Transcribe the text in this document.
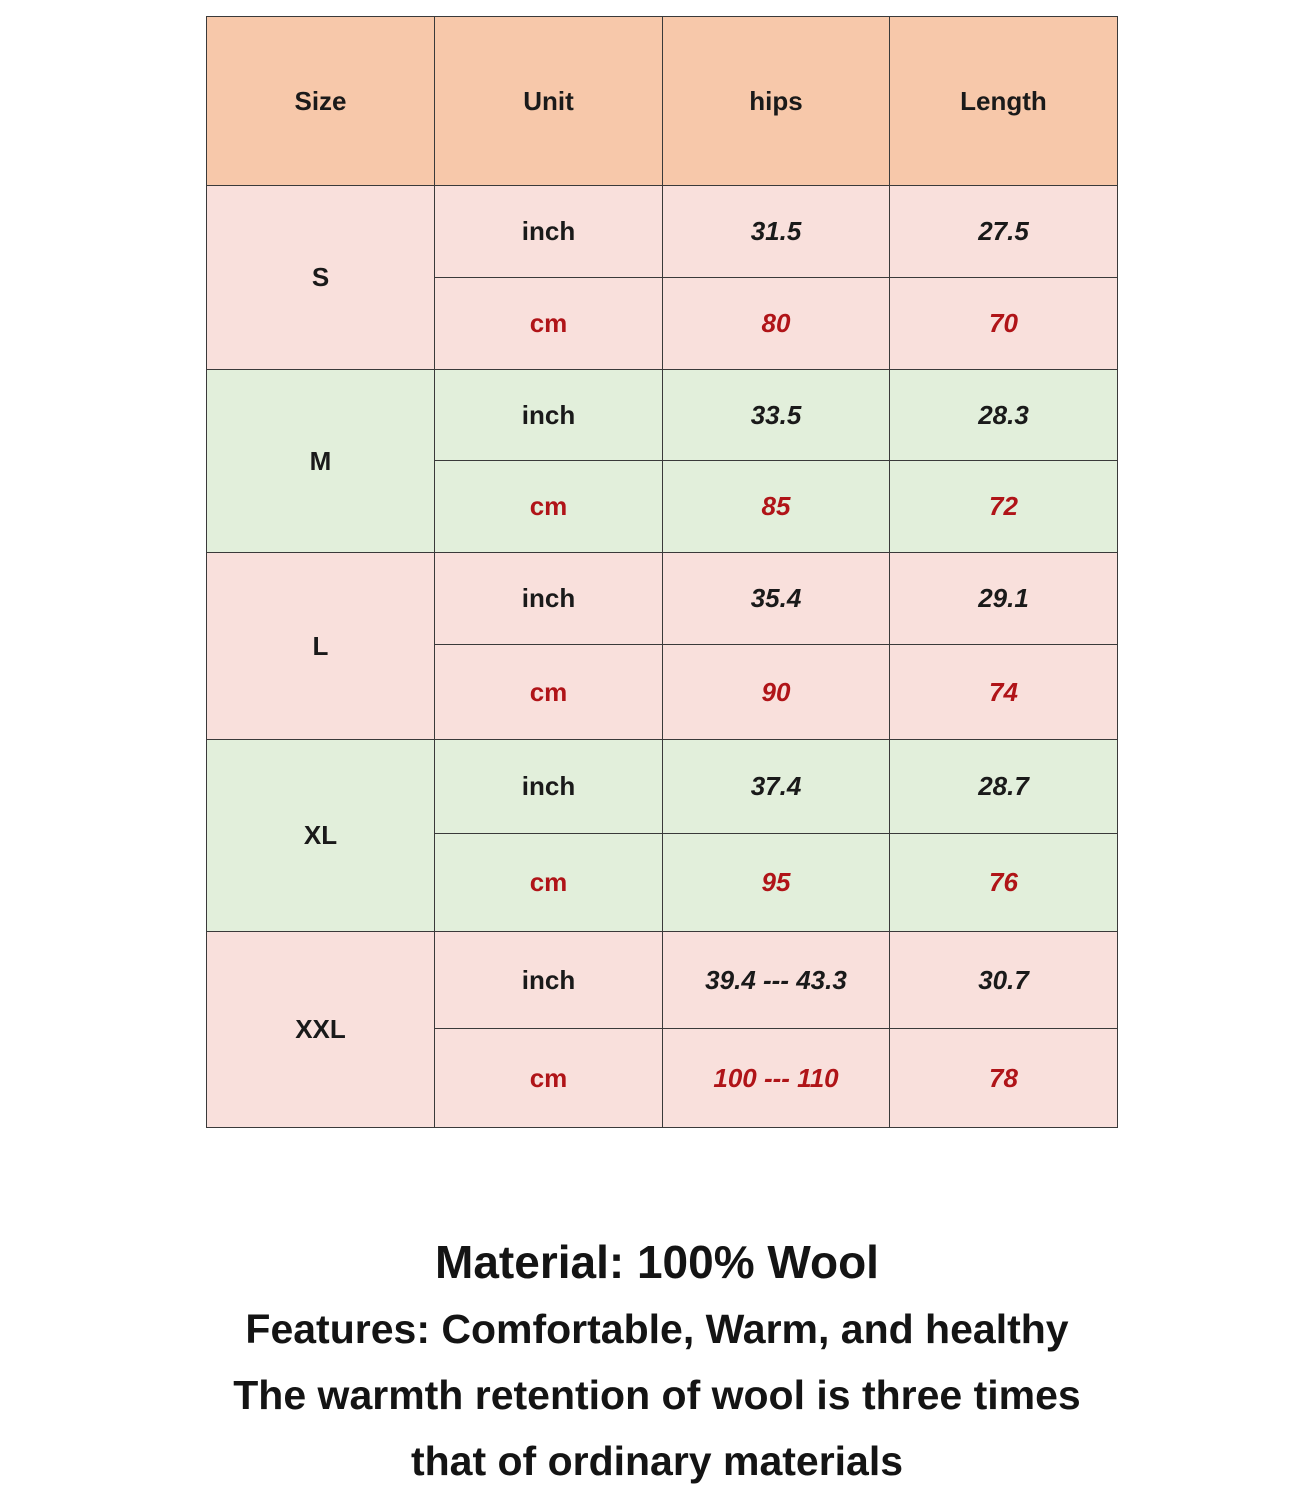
Size	Unit	hips	Length
S	inch	31.5	27.5
	cm	80	70
M	inch	33.5	28.3
	cm	85	72
L	inch	35.4	29.1
	cm	90	74
XL	inch	37.4	28.7
	cm	95	76
XXL	inch	39.4 --- 43.3	30.7
	cm	100 --- 110	78
Material: 100% Wool
Features: Comfortable, Warm, and healthy
The warmth retention of wool is three times
that of ordinary materials
